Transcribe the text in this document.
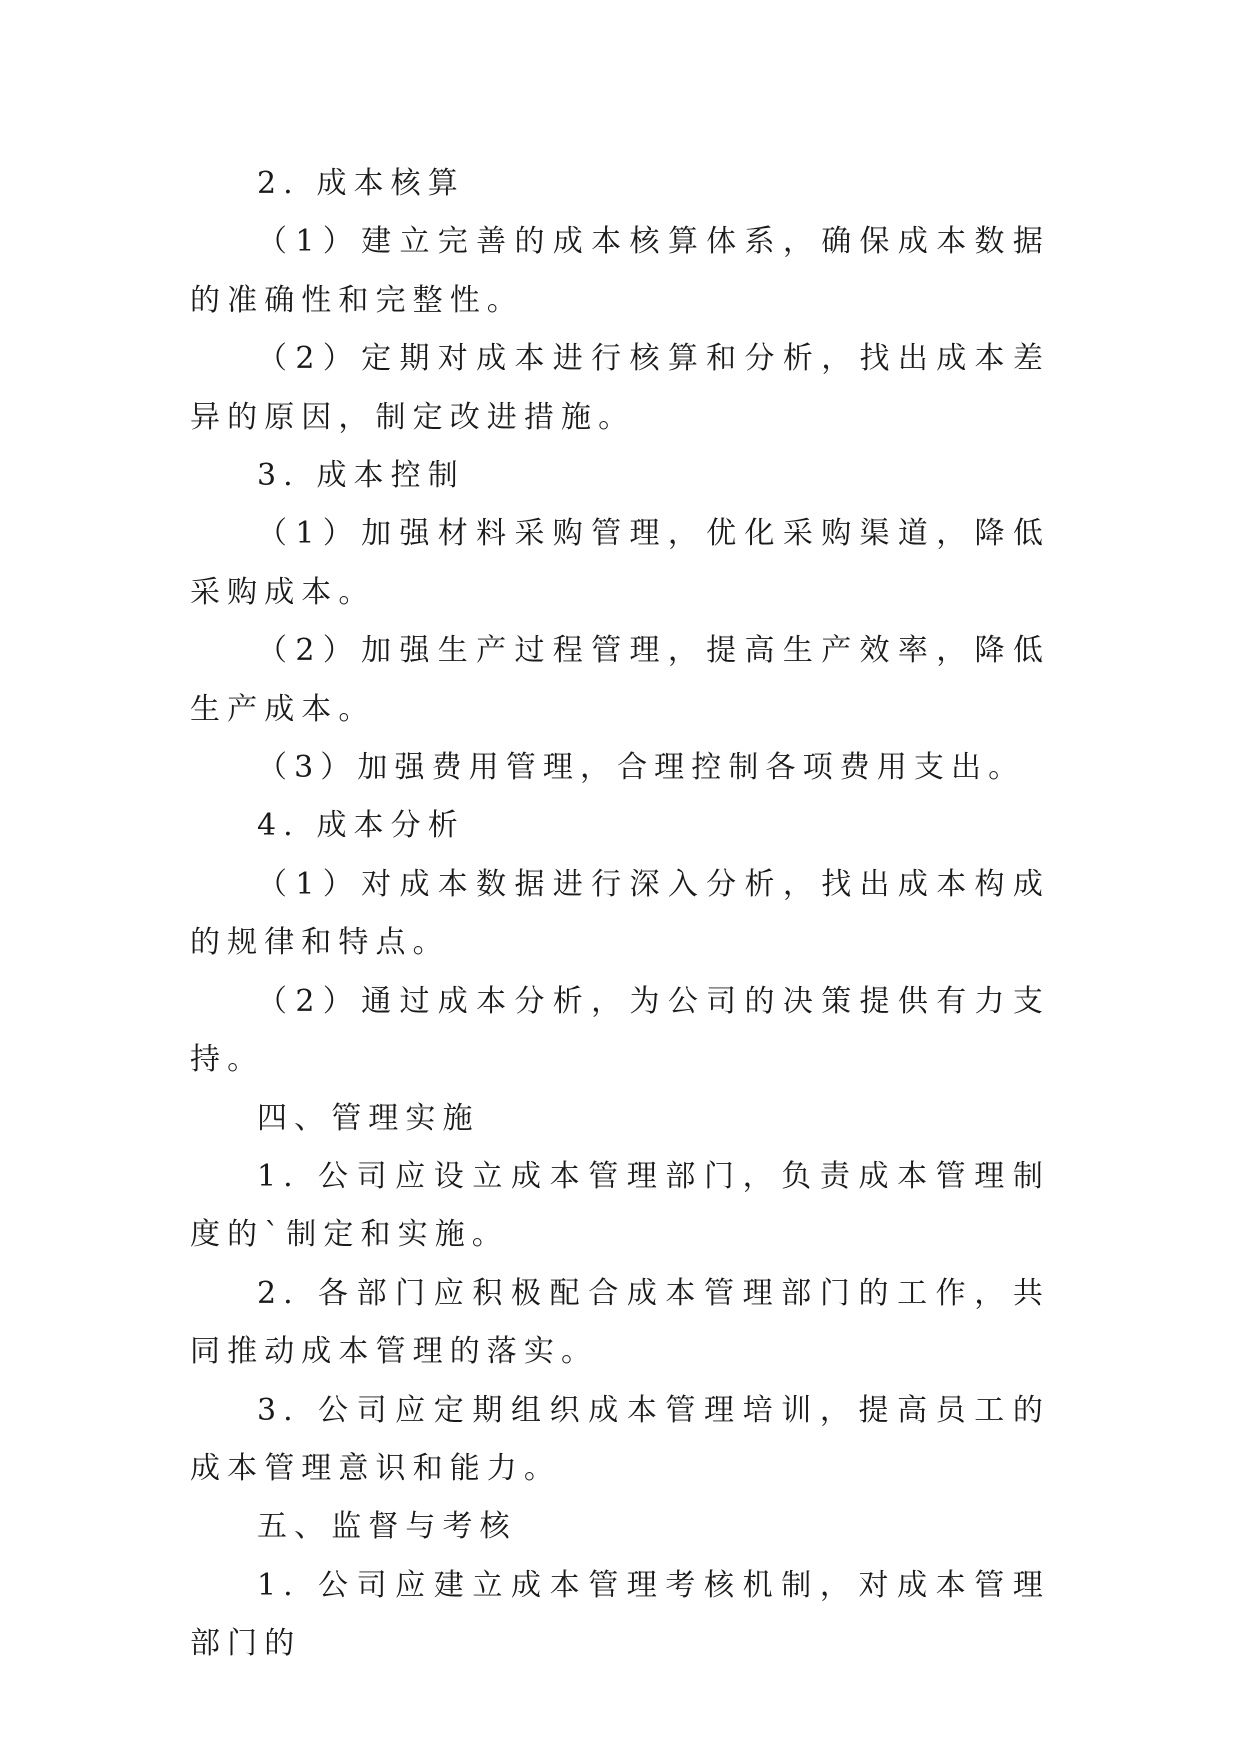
2. 成本核算

（1）建立完善的成本核算体系，确保成本数据的准确性和完整性。

（2）定期对成本进行核算和分析，找出成本差异的原因，制定改进措施。

3. 成本控制

（1）加强材料采购管理，优化采购渠道，降低采购成本。

（2）加强生产过程管理，提高生产效率，降低生产成本。

（3）加强费用管理，合理控制各项费用支出。

4. 成本分析

（1）对成本数据进行深入分析，找出成本构成的规律和特点。

（2）通过成本分析，为公司的决策提供有力支持。

四、管理实施

1. 公司应设立成本管理部门，负责成本管理制度的`制定和实施。

2. 各部门应积极配合成本管理部门的工作，共同推动成本管理的落实。

3. 公司应定期组织成本管理培训，提高员工的成本管理意识和能力。

五、监督与考核

1. 公司应建立成本管理考核机制，对成本管理部门的
